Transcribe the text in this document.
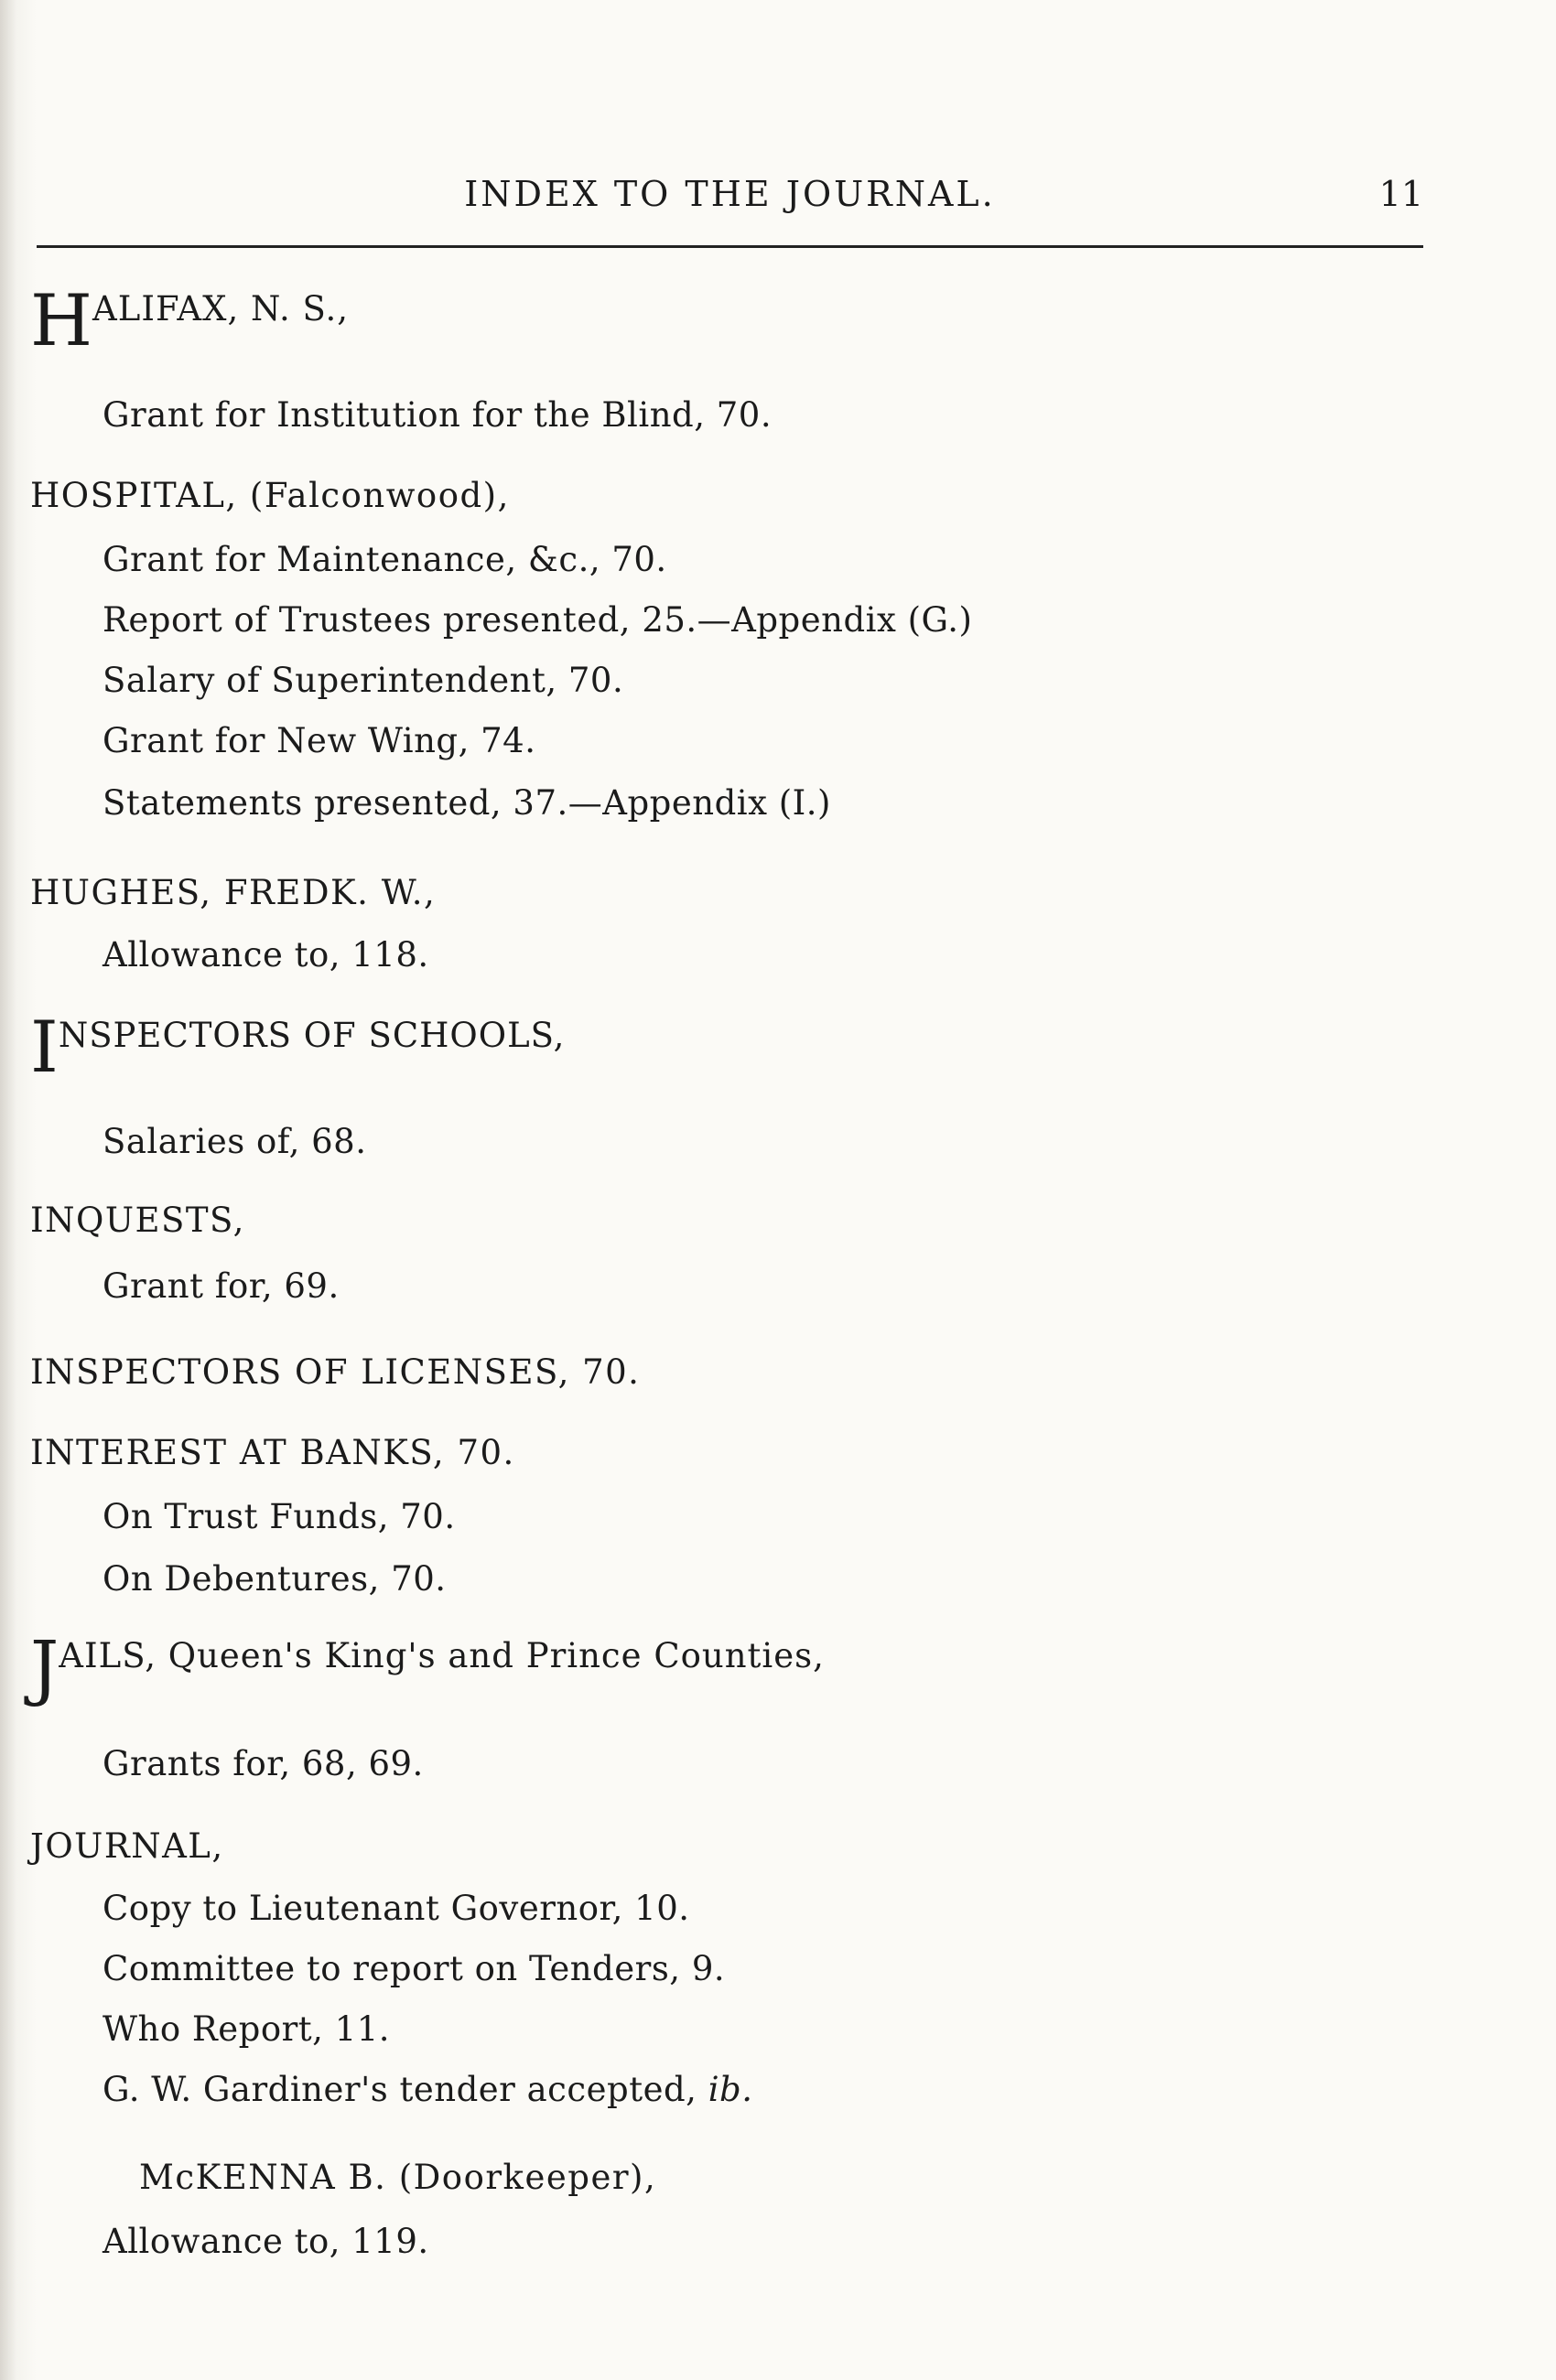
INDEX TO THE JOURNAL.	11
HALIFAX, N. S.,
Grant for Institution for the Blind, 70.
HOSPITAL, (Falconwood),
Grant for Maintenance, &c., 70.
Report of Trustees presented, 25.—Appendix (G.)
Salary of Superintendent, 70.
Grant for New Wing, 74.
Statements presented, 37.—Appendix (I.)
HUGHES, FREDK. W.,
Allowance to, 118.
INSPECTORS OF SCHOOLS,
Salaries of, 68.
INQUESTS,
Grant for, 69.
INSPECTORS OF LICENSES, 70.
INTEREST AT BANKS, 70.
On Trust Funds, 70.
On Debentures, 70.
JAILS, Queen's King's and Prince Counties,
Grants for, 68, 69.
JOURNAL,
Copy to Lieutenant Governor, 10.
Committee to report on Tenders, 9.
Who Report, 11.
G. W. Gardiner's tender accepted, ib.
McKENNA B. (Doorkeeper),
Allowance to, 119.
